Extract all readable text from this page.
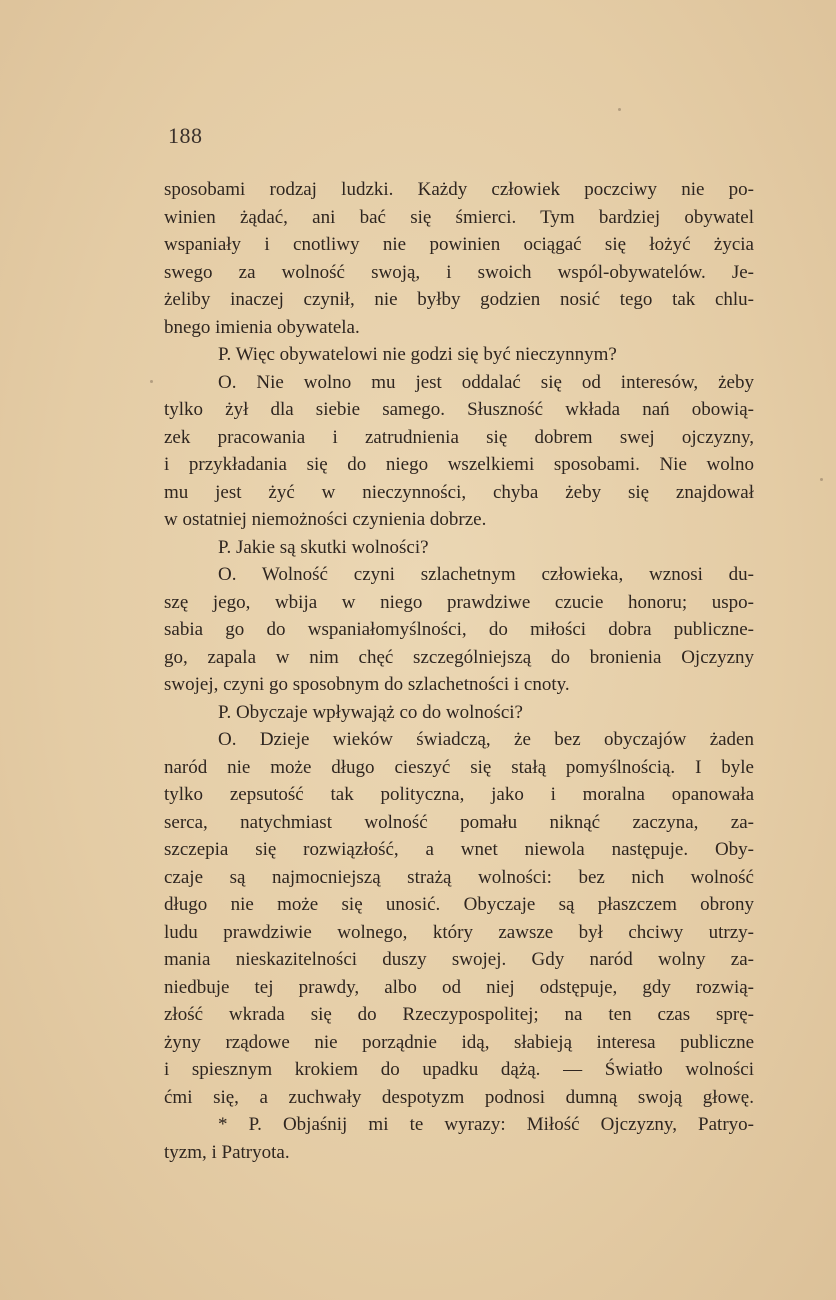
188
sposobami rodzaj ludzki. Każdy człowiek poczciwy nie po-
winien żądać, ani bać się śmierci. Tym bardziej obywatel
wspaniały i cnotliwy nie powinien ociągać się łożyć życia
swego za wolność swoją, i swoich wspól-obywatelów. Je-
żeliby inaczej czynił, nie byłby godzien nosić tego tak chlu-
bnego imienia obywatela.
P. Więc obywatelowi nie godzi się być nieczynnym?
O. Nie wolno mu jest oddalać się od interesów, żeby
tylko żył dla siebie samego. Słuszność wkłada nań obowią-
zek pracowania i zatrudnienia się dobrem swej ojczyzny,
i przykładania się do niego wszelkiemi sposobami. Nie wolno
mu jest żyć w nieczynności, chyba żeby się znajdował
w ostatniej niemożności czynienia dobrze.
P. Jakie są skutki wolności?
O. Wolność czyni szlachetnym człowieka, wznosi du-
szę jego, wbija w niego prawdziwe czucie honoru; uspo-
sabia go do wspaniałomyślności, do miłości dobra publiczne-
go, zapala w nim chęć szczególniejszą do bronienia Ojczyzny
swojej, czyni go sposobnym do szlachetności i cnoty.
P. Obyczaje wpływająż co do wolności?
O. Dzieje wieków świadczą, że bez obyczajów żaden
naród nie może długo cieszyć się stałą pomyślnością. I byle
tylko zepsutość tak polityczna, jako i moralna opanowała
serca, natychmiast wolność pomału niknąć zaczyna, za-
szczepia się rozwiązłość, a wnet niewola następuje. Oby-
czaje są najmocniejszą strażą wolności: bez nich wolność
długo nie może się unosić. Obyczaje są płaszczem obrony
ludu prawdziwie wolnego, który zawsze był chciwy utrzy-
mania nieskazitelności duszy swojej. Gdy naród wolny za-
niedbuje tej prawdy, albo od niej odstępuje, gdy rozwią-
złość wkrada się do Rzeczypospolitej; na ten czas sprę-
żyny rządowe nie porządnie idą, słabieją interesa publiczne
i spiesznym krokiem do upadku dążą. — Światło wolności
ćmi się, a zuchwały despotyzm podnosi dumną swoją głowę.
* P. Objaśnij mi te wyrazy: Miłość Ojczyzny, Patryo-
tyzm, i Patryota.
